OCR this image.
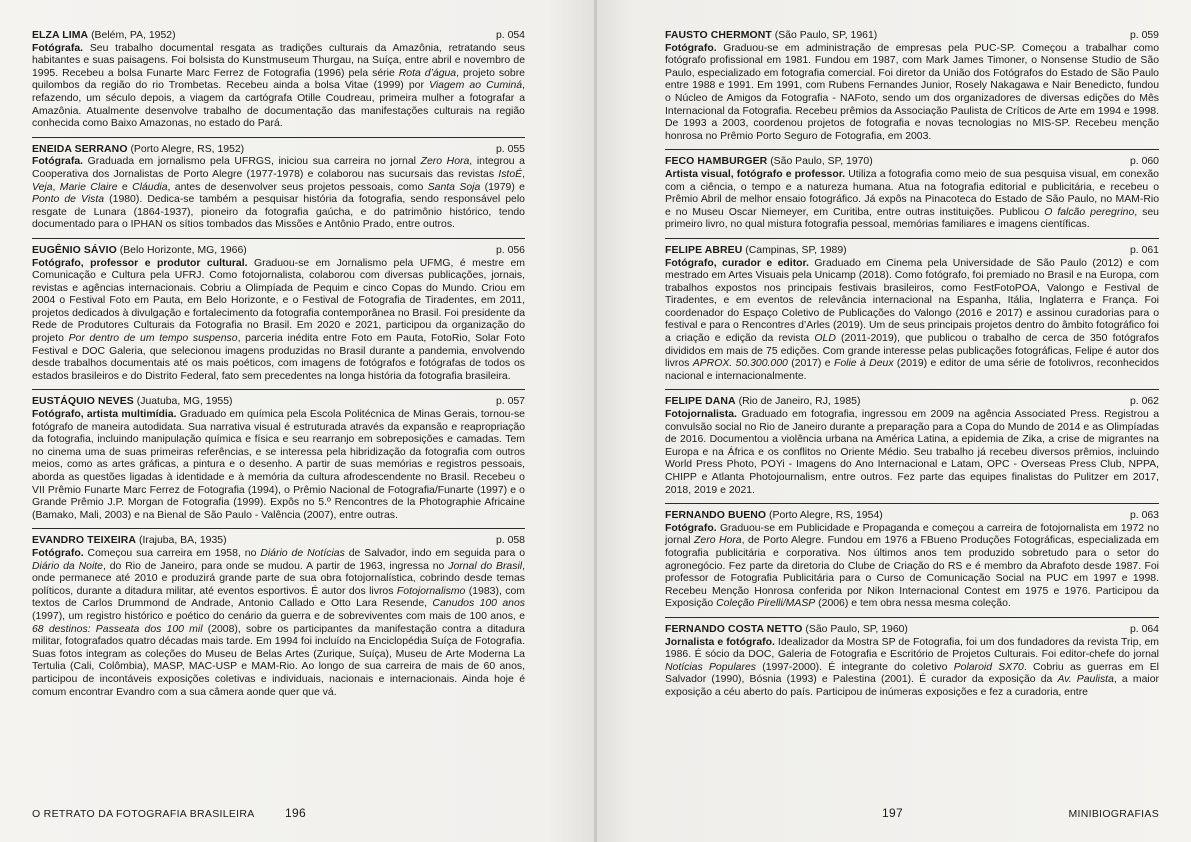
ELZA LIMA (Belém, PA, 1952)	p. 054
Fotógrafa. Seu trabalho documental resgata as tradições culturais da Amazônia, retratando seus habitantes e suas paisagens. Foi bolsista do Kunstmuseum Thurgau, na Suíça, entre abril e novembro de 1995. Recebeu a bolsa Funarte Marc Ferrez de Fotografia (1996) pela série Rota d’água, projeto sobre quilombos da região do rio Trombetas. Recebeu ainda a bolsa Vitae (1999) por Viagem ao Cuminá, refazendo, um século depois, a viagem da cartógrafa Otille Coudreau, primeira mulher a fotografar a Amazônia. Atualmente desenvolve trabalho de documentação das manifestações culturais na região conhecida como Baixo Amazonas, no estado do Pará.
ENEIDA SERRANO (Porto Alegre, RS, 1952)	p. 055
Fotógrafa. Graduada em jornalismo pela UFRGS, iniciou sua carreira no jornal Zero Hora, integrou a Cooperativa dos Jornalistas de Porto Alegre (1977-1978) e colaborou nas sucursais das revistas IstoÉ, Veja, Marie Claire e Cláudia, antes de desenvolver seus projetos pessoais, como Santa Soja (1979) e Ponto de Vista (1980). Dedica-se também a pesquisar história da fotografia, sendo responsável pelo resgate de Lunara (1864-1937), pioneiro da fotografia gaúcha, e do patrimônio histórico, tendo documentado para o IPHAN os sítios tombados das Missões e Antônio Prado, entre outros.
EUGÊNIO SÁVIO (Belo Horizonte, MG, 1966)	p. 056
Fotógrafo, professor e produtor cultural. Graduou-se em Jornalismo pela UFMG, é mestre em Comunicação e Cultura pela UFRJ. Como fotojornalista, colaborou com diversas publicações, jornais, revistas e agências internacionais. Cobriu a Olimpíada de Pequim e cinco Copas do Mundo. Criou em 2004 o Festival Foto em Pauta, em Belo Horizonte, e o Festival de Fotografia de Tiradentes, em 2011, projetos dedicados à divulgação e fortalecimento da fotografia contemporânea no Brasil. Foi presidente da Rede de Produtores Culturais da Fotografia no Brasil. Em 2020 e 2021, participou da organização do projeto Por dentro de um tempo suspenso, parceria inédita entre Foto em Pauta, FotoRio, Solar Foto Festival e DOC Galeria, que selecionou imagens produzidas no Brasil durante a pandemia, envolvendo desde trabalhos documentais até os mais poéticos, com imagens de fotógrafos e fotógrafas de todos os estados brasileiros e do Distrito Federal, fato sem precedentes na longa história da fotografia brasileira.
EUSTÁQUIO NEVES (Juatuba, MG, 1955)	p. 057
Fotógrafo, artista multimídia. Graduado em química pela Escola Politécnica de Minas Gerais, tornou-se fotógrafo de maneira autodidata. Sua narrativa visual é estruturada através da expansão e reapropriação da fotografia, incluindo manipulação química e física e seu rearranjo em sobreposições e camadas. Tem no cinema uma de suas primeiras referências, e se interessa pela hibridização da fotografia com outros meios, como as artes gráficas, a pintura e o desenho. A partir de suas memórias e registros pessoais, aborda as questões ligadas à identidade e à memória da cultura afrodescendente no Brasil. Recebeu o VII Prêmio Funarte Marc Ferrez de Fotografia (1994), o Prêmio Nacional de Fotografia/Funarte (1997) e o Grande Prêmio J.P. Morgan de Fotografia (1999). Expôs no 5.º Rencontres de la Photographie Africaine (Bamako, Mali, 2003) e na Bienal de São Paulo - Valência (2007), entre outras.
EVANDRO TEIXEIRA (Irajuba, BA, 1935)	p. 058
Fotógrafo. Começou sua carreira em 1958, no Diário de Notícias de Salvador, indo em seguida para o Diário da Noite, do Rio de Janeiro, para onde se mudou. A partir de 1963, ingressa no Jornal do Brasil, onde permanece até 2010 e produzirá grande parte de sua obra fotojornalística, cobrindo desde temas políticos, durante a ditadura militar, até eventos esportivos. É autor dos livros Fotojornalismo (1983), com textos de Carlos Drummond de Andrade, Antonio Callado e Otto Lara Resende, Canudos 100 anos (1997), um registro histórico e poético do cenário da guerra e de sobreviventes com mais de 100 anos, e 68 destinos: Passeata dos 100 mil (2008), sobre os participantes da manifestação contra a ditadura militar, fotografados quatro décadas mais tarde. Em 1994 foi incluído na Enciclopédia Suíça de Fotografia. Suas fotos integram as coleções do Museu de Belas Artes (Zurique, Suíça), Museu de Arte Moderna La Tertulia (Cali, Colômbia), MASP, MAC-USP e MAM-Rio. Ao longo de sua carreira de mais de 60 anos, participou de incontáveis exposições coletivas e individuais, nacionais e internacionais. Ainda hoje é comum encontrar Evandro com a sua câmera aonde quer que vá.
O RETRATO DA FOTOGRAFIA BRASILEIRA	196
FAUSTO CHERMONT (São Paulo, SP, 1961)	p. 059
Fotógrafo. Graduou-se em administração de empresas pela PUC-SP. Começou a trabalhar como fotógrafo profissional em 1981. Fundou em 1987, com Mark James Timoner, o Nonsense Studio de São Paulo, especializado em fotografia comercial. Foi diretor da União dos Fotógrafos do Estado de São Paulo entre 1988 e 1991. Em 1991, com Rubens Fernandes Junior, Rosely Nakagawa e Nair Benedicto, fundou o Núcleo de Amigos da Fotografia - NAFoto, sendo um dos organizadores de diversas edições do Mês Internacional da Fotografia. Recebeu prêmios da Associação Paulista de Críticos de Arte em 1994 e 1998. De 1993 a 2003, coordenou projetos de fotografia e novas tecnologias no MIS-SP. Recebeu menção honrosa no Prêmio Porto Seguro de Fotografia, em 2003.
FECO HAMBURGER (São Paulo, SP, 1970)	p. 060
Artista visual, fotógrafo e professor. Utiliza a fotografia como meio de sua pesquisa visual, em conexão com a ciência, o tempo e a natureza humana. Atua na fotografia editorial e publicitária, e recebeu o Prêmio Abril de melhor ensaio fotográfico. Já expôs na Pinacoteca do Estado de São Paulo, no MAM-Rio e no Museu Oscar Niemeyer, em Curitiba, entre outras instituições. Publicou O falcão peregrino, seu primeiro livro, no qual mistura fotografia pessoal, memórias familiares e imagens científicas.
FELIPE ABREU (Campinas, SP, 1989)	p. 061
Fotógrafo, curador e editor. Graduado em Cinema pela Universidade de São Paulo (2012) e com mestrado em Artes Visuais pela Unicamp (2018). Como fotógrafo, foi premiado no Brasil e na Europa, com trabalhos expostos nos principais festivais brasileiros, como FestFotoPOA, Valongo e Festival de Tiradentes, e em eventos de relevância internacional na Espanha, Itália, Inglaterra e França. Foi coordenador do Espaço Coletivo de Publicações do Valongo (2016 e 2017) e assinou curadorias para o festival e para o Rencontres d’Arles (2019). Um de seus principais projetos dentro do âmbito fotográfico foi a criação e edição da revista OLD (2011-2019), que publicou o trabalho de cerca de 350 fotógrafos divididos em mais de 75 edições. Com grande interesse pelas publicações fotográficas, Felipe é autor dos livros APROX. 50.300.000 (2017) e Folie à Deux (2019) e editor de uma série de fotolivros, reconhecidos nacional e internacionalmente.
FELIPE DANA (Rio de Janeiro, RJ, 1985)	p. 062
Fotojornalista. Graduado em fotografia, ingressou em 2009 na agência Associated Press. Registrou a convulsão social no Rio de Janeiro durante a preparação para a Copa do Mundo de 2014 e as Olimpíadas de 2016. Documentou a violência urbana na América Latina, a epidemia de Zika, a crise de migrantes na Europa e na África e os conflitos no Oriente Médio. Seu trabalho já recebeu diversos prêmios, incluindo World Press Photo, POYi - Imagens do Ano Internacional e Latam, OPC - Overseas Press Club, NPPA, CHIPP e Atlanta Photojournalism, entre outros. Fez parte das equipes finalistas do Pulitzer em 2017, 2018, 2019 e 2021.
FERNANDO BUENO (Porto Alegre, RS, 1954)	p. 063
Fotógrafo. Graduou-se em Publicidade e Propaganda e começou a carreira de fotojornalista em 1972 no jornal Zero Hora, de Porto Alegre. Fundou em 1976 a FBueno Produções Fotográficas, especializada em fotografia publicitária e corporativa. Nos últimos anos tem produzido sobretudo para o setor do agronegócio. Fez parte da diretoria do Clube de Criação do RS e é membro da Abrafoto desde 1987. Foi professor de Fotografia Publicitária para o Curso de Comunicação Social na PUC em 1997 e 1998. Recebeu Menção Honrosa conferida por Nikon Internacional Contest em 1975 e 1976. Participou da Exposição Coleção Pirelli/MASP (2006) e tem obra nessa mesma coleção.
FERNANDO COSTA NETTO (São Paulo, SP, 1960)	p. 064
Jornalista e fotógrafo. Idealizador da Mostra SP de Fotografia, foi um dos fundadores da revista Trip, em 1986. É sócio da DOC, Galeria de Fotografia e Escritório de Projetos Culturais. Foi editor-chefe do jornal Notícias Populares (1997-2000). É integrante do coletivo Polaroid SX70. Cobriu as guerras em El Salvador (1990), Bósnia (1993) e Palestina (2001). É curador da exposição da Av. Paulista, a maior exposição a céu aberto do país. Participou de inúmeras exposições e fez a curadoria, entre
197	MINIBIOGRAFIAS
